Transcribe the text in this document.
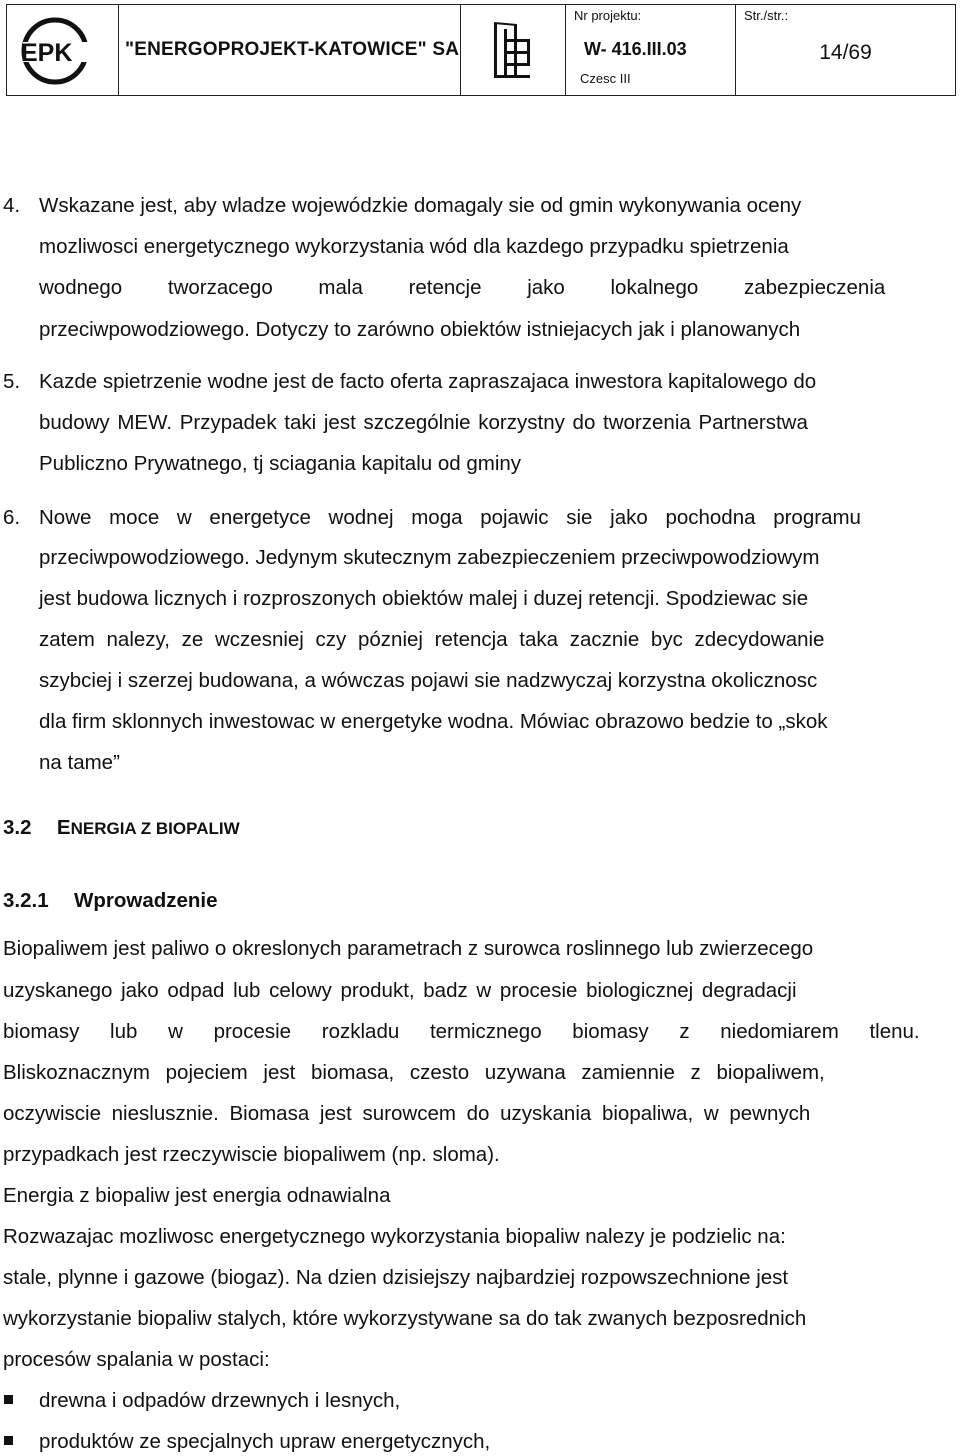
EPK	"ENERGOPROJEKT-KATOWICE" SA
Nr projektu:
W- 416.III.03
Czesc III
Str./str.:
14/69
4. Wskazane jest, aby wladze wojewódzkie domagaly sie od gmin wykonywania oceny
mozliwosci energetycznego wykorzystania wód dla kazdego przypadku spietrzenia
wodnego tworzacego mala retencje jako lokalnego zabezpieczenia
przeciwpowodziowego. Dotyczy to zarówno obiektów istniejacych jak i planowanych
5. Kazde spietrzenie wodne jest de facto oferta zapraszajaca inwestora kapitalowego do
budowy MEW. Przypadek taki jest szczególnie korzystny do tworzenia Partnerstwa
Publiczno Prywatnego, tj sciagania kapitalu od gminy
6. Nowe moce w energetyce wodnej moga pojawic sie jako pochodna programu
przeciwpowodziowego. Jedynym skutecznym zabezpieczeniem przeciwpowodziowym
jest budowa licznych i rozproszonych obiektów malej i duzej retencji. Spodziewac sie
zatem nalezy, ze wczesniej czy pózniej retencja taka zacznie byc zdecydowanie
szybciej i szerzej budowana, a wówczas pojawi sie nadzwyczaj korzystna okolicznosc
dla firm sklonnych inwestowac w energetyke wodna. Mówiac obrazowo bedzie to „skok
na tame”
3.2 ENERGIA Z BIOPALIW
3.2.1 Wprowadzenie
Biopaliwem jest paliwo o okreslonych parametrach z surowca roslinnego lub zwierzecego
uzyskanego jako odpad lub celowy produkt, badz w procesie biologicznej degradacji
biomasy lub w procesie rozkladu termicznego biomasy z niedomiarem tlenu.
Bliskoznacznym pojeciem jest biomasa, czesto uzywana zamiennie z biopaliwem,
oczywiscie nieslusznie. Biomasa jest surowcem do uzyskania biopaliwa, w pewnych
przypadkach jest rzeczywiscie biopaliwem (np. sloma).
Energia z biopaliw jest energia odnawialna
Rozwazajac mozliwosc energetycznego wykorzystania biopaliw nalezy je podzielic na:
stale, plynne i gazowe (biogaz). Na dzien dzisiejszy najbardziej rozpowszechnione jest
wykorzystanie biopaliw stalych, które wykorzystywane sa do tak zwanych bezposrednich
procesów spalania w postaci:
drewna i odpadów drzewnych i lesnych,
produktów ze specjalnych upraw energetycznych,
